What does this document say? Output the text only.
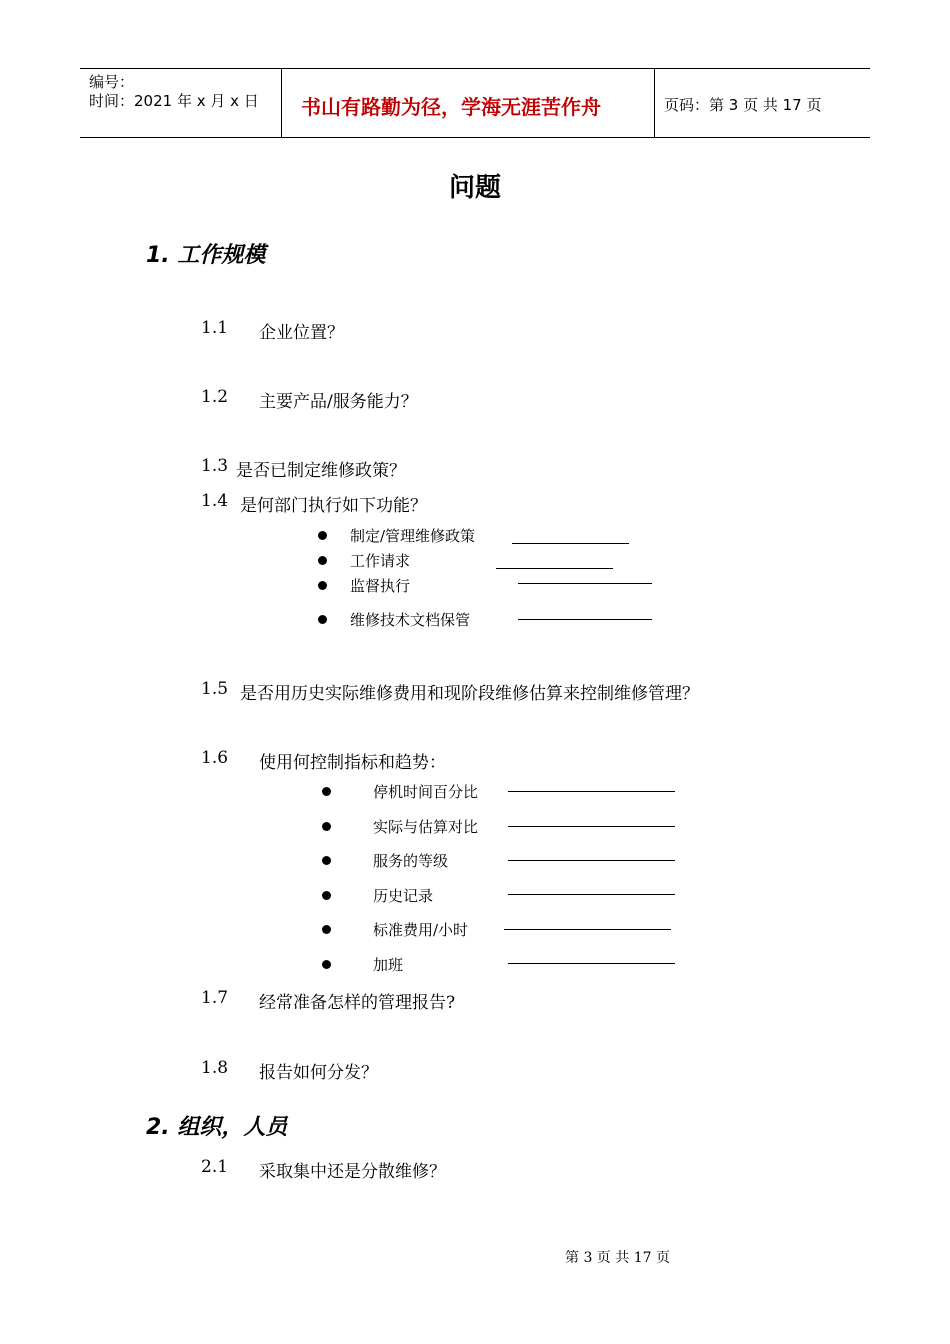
编号：
时间：2021 年 x 月 x 日 书山有路勤为径，学海无涯苦作舟	页码：第 3 页 共 17 页
问题
1. 工作规模
1.1 企业位置？
1.2 主要产品/服务能力？
1.3 是否已制定维修政策？
1.4 是何部门执行如下功能？
制定/管理维修政策
工作请求
监督执行
维修技术文档保管
1.5 是否用历史实际维修费用和现阶段维修估算来控制维修管理？
1.6 使用何控制指标和趋势：
停机时间百分比
实际与估算对比
服务的等级
历史记录
标准费用/小时
加班
1.7 经常准备怎样的管理报告?
1.8 报告如何分发？
2. 组织，人员
2.1 采取集中还是分散维修？
第 3 页 共 17 页
